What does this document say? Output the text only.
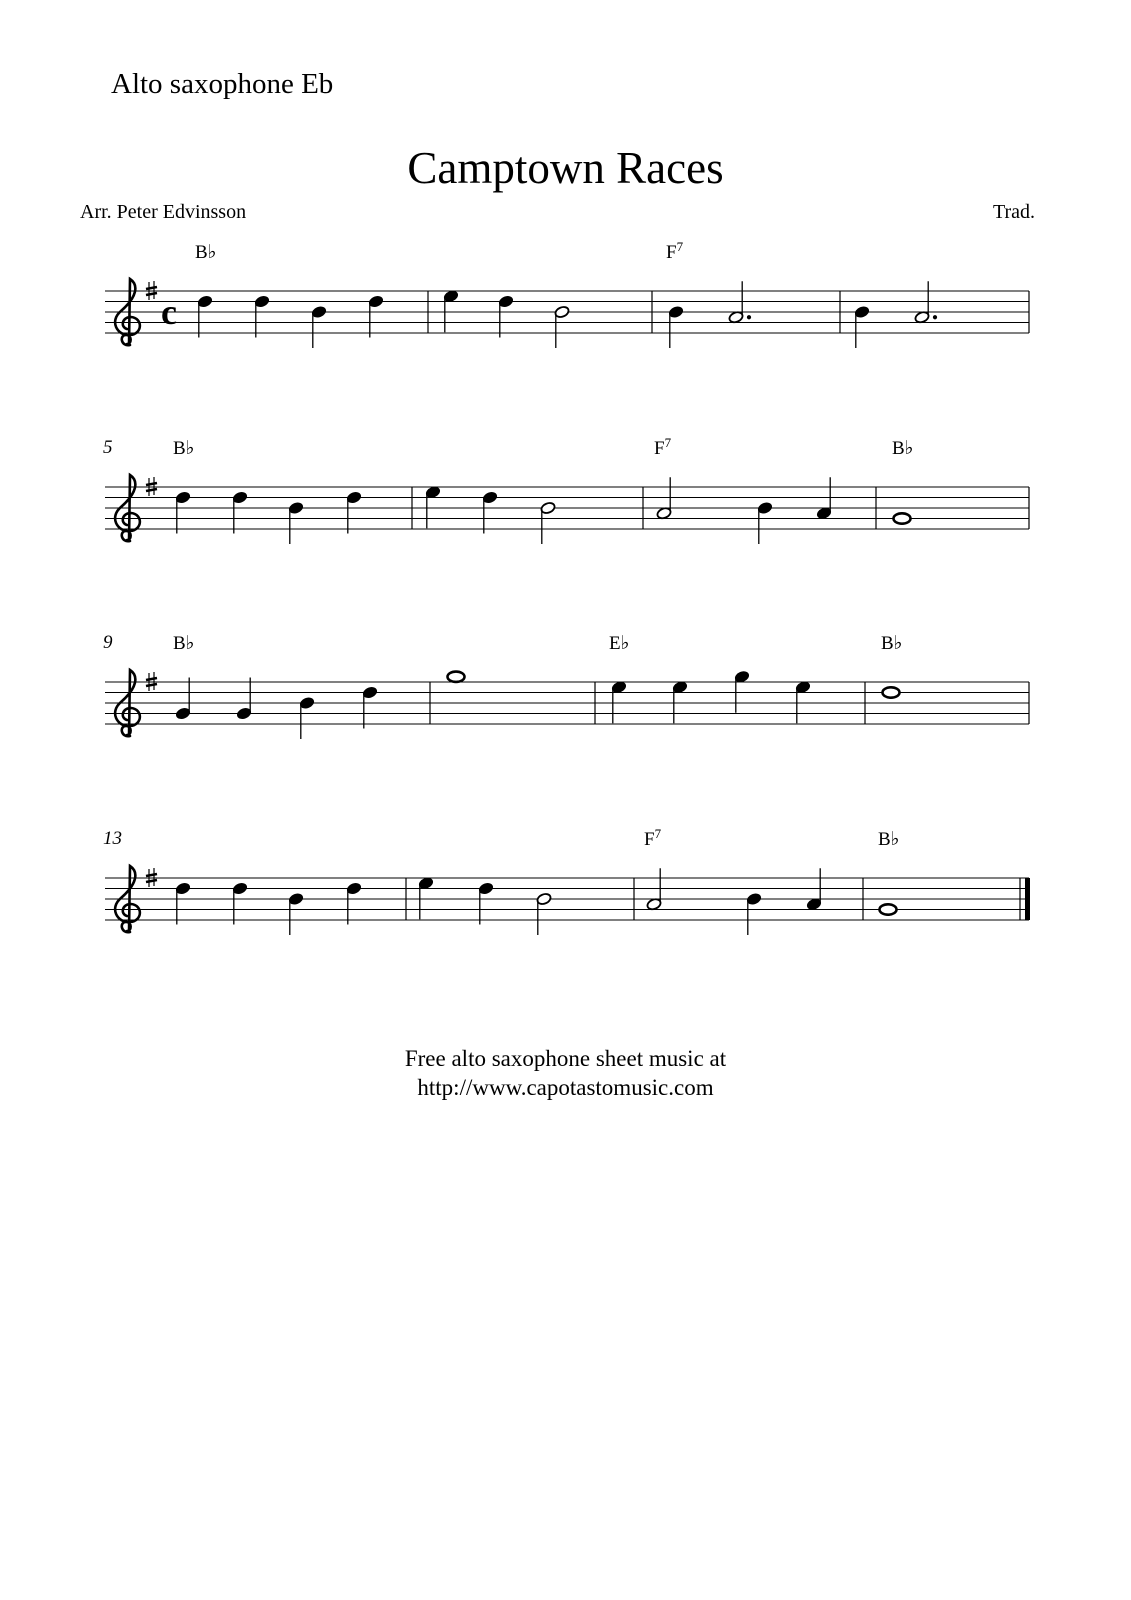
Alto saxophone Eb
Camptown Races
Arr. Peter Edvinsson	Trad.
c
B♭	$F^7$
5	B♭	$F^7$	B♭
9	B♭	E♭	B♭
13	$F^7$	B♭
Free alto saxophone sheet music at
http://www.capotastomusic.com
